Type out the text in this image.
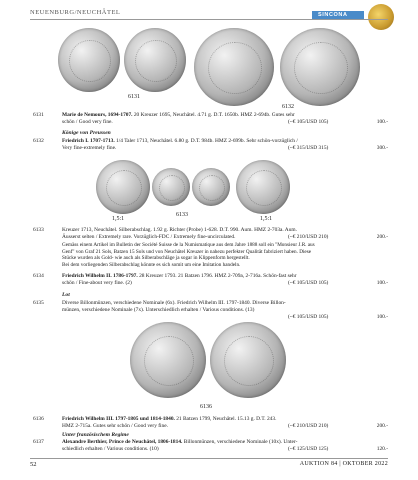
NEUENBURG/NEUCHÂTEL	SINCONA
6131
6132
6131	Marie de Nemours, 1694-1707. 20 Kreuzer 1695, Neuchâtel. 4.71 g. D.T. 1650b. HMZ 2-694b. Gutes sehr
schön / Good very fine.	(~€ 105/USD 105)	100.-
Könige von Preussen
6132	Friedrich I. 1707-1713. 1/4 Taler 1713, Neuchâtel. 6.80 g. D.T. 984b. HMZ 2-699b. Sehr schön-vorzüglich /
Very fine-extremely fine.	(~€ 315/USD 315)	300.-
1,5:1
6133
1,5:1
6133	Kreuzer 1713, Neuchâtel. Silberabschlag. 1.92 g. Richter (Probe) 1-628. D.T. 990. Aum. HMZ 2-703a. Aum.
Äusserst selten / Extremely rare. Vorzüglich-FDC / Extremely fine-uncirculated.	(~€ 210/USD 210)	200.-
Gemäss einem Artikel im Bulletin der Société Suisse de la Numismatique aus dem Jahre 1888 soll ein "Monsieur J.R. aus
Genf" von Graf 21 Sols, Batzen 15 Sols und von Neuchâtel Kreuzer in nahezu perfekter Qualität fabriziert haben. Diese
Stücke wurden als Gold- wie auch als Silberabschläge ja sogar in Klippenform hergestellt.
Bei dem vorliegenden Silberabschlag könnte es sich somit um eine Imitation handeln.
6134	Friedrich Wilhelm II. 1786-1797. 28 Kreuzer 1793. 21 Batzen 1796. HMZ 2-709a, 2-716a. Schön-fast sehr
schön / Fine-about very fine. (2)	(~€ 105/USD 105)	100.-
Lot
6135	Diverse Billonmünzen, verschiedene Nominale (6x). Friedrich Wilhelm III. 1797-1840. Diverse Billon-
münzen, verschiedene Nominale (7x). Unterschiedlich erhalten / Various conditions. (13)
(~€ 105/USD 105)	100.-
6136
6136	Friedrich Wilhelm III. 1797-1805 und 1814-1840. 21 Batzen 1799, Neuchâtel. 15.13 g. D.T. 243.
HMZ 2-715a. Gutes sehr schön / Good very fine.	(~€ 210/USD 210)	200.-
Unter französischem Regime
6137	Alexandre Berthier, Prince de Neuchâtel, 1806-1814. Billonmünzen, verschiedene Nominale (10x). Unter-
schiedlich erhalten / Various conditions. (10)	(~€ 125/USD 125)	120.-
52	AUKTION 84 | OKTOBER 2022
